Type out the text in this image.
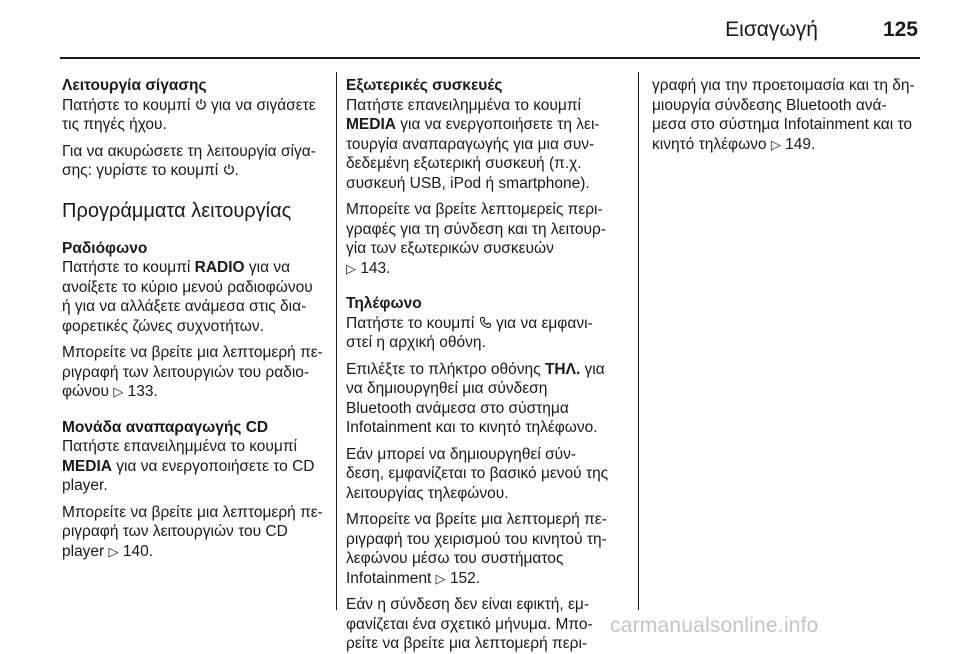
Εισαγωγή	125

Λειτουργία σίγασης

Πατήστε το κουμπί για να σιγάσετε

τις πηγές ήχου.

Για να ακυρώσετε τη λειτουργία σίγα-

σης: γυρίστε το κουμπί .

Προγράμματα λειτουργίας

Ραδιόφωνο

Πατήστε το κουμπί RADIO για να

ανοίξετε το κύριο μενού ραδιοφώνου

ή για να αλλάξετε ανάμεσα στις δια-

φορετικές ζώνες συχνοτήτων.

Μπορείτε να βρείτε μια λεπτομερή πε-

ριγραφή των λειτουργιών του ραδιο-

φώνου ▷ 133.

Μονάδα αναπαραγωγής CD

Πατήστε επανειλημμένα το κουμπί

MEDIA για να ενεργοποιήσετε το CD

player.

Μπορείτε να βρείτε μια λεπτομερή πε-

ριγραφή των λειτουργιών του CD

player ▷ 140.

Εξωτερικές συσκευές

Πατήστε επανειλημμένα το κουμπί

MEDIA για να ενεργοποιήσετε τη λει-

τουργία αναπαραγωγής για μια συν-

δεδεμένη εξωτερική συσκευή (π.χ.

συσκευή USB, iPod ή smartphone).

Μπορείτε να βρείτε λεπτομερείς περι-

γραφές για τη σύνδεση και τη λειτουρ-

γία των εξωτερικών συσκευών

▷ 143.

Τηλέφωνο

Πατήστε το κουμπί για να εμφανι-

στεί η αρχική οθόνη.

Επιλέξτε το πλήκτρο οθόνης ΤΗΛ. για

να δημιουργηθεί μια σύνδεση

Bluetooth ανάμεσα στο σύστημα

Infotainment και το κινητό τηλέφωνο.

Εάν μπορεί να δημιουργηθεί σύν-

δεση, εμφανίζεται το βασικό μενού της

λειτουργίας τηλεφώνου.

Μπορείτε να βρείτε μια λεπτομερή πε-

ριγραφή του χειρισμού του κινητού τη-

λεφώνου μέσω του συστήματος

Infotainment ▷ 152.

Εάν η σύνδεση δεν είναι εφικτή, εμ-

φανίζεται ένα σχετικό μήνυμα. Μπο-

ρείτε να βρείτε μια λεπτομερή περι-

γραφή για την προετοιμασία και τη δη-

μιουργία σύνδεσης Bluetooth ανά-

μεσα στο σύστημα Infotainment και το

κινητό τηλέφωνο ▷ 149.

carmanualsonline.info
